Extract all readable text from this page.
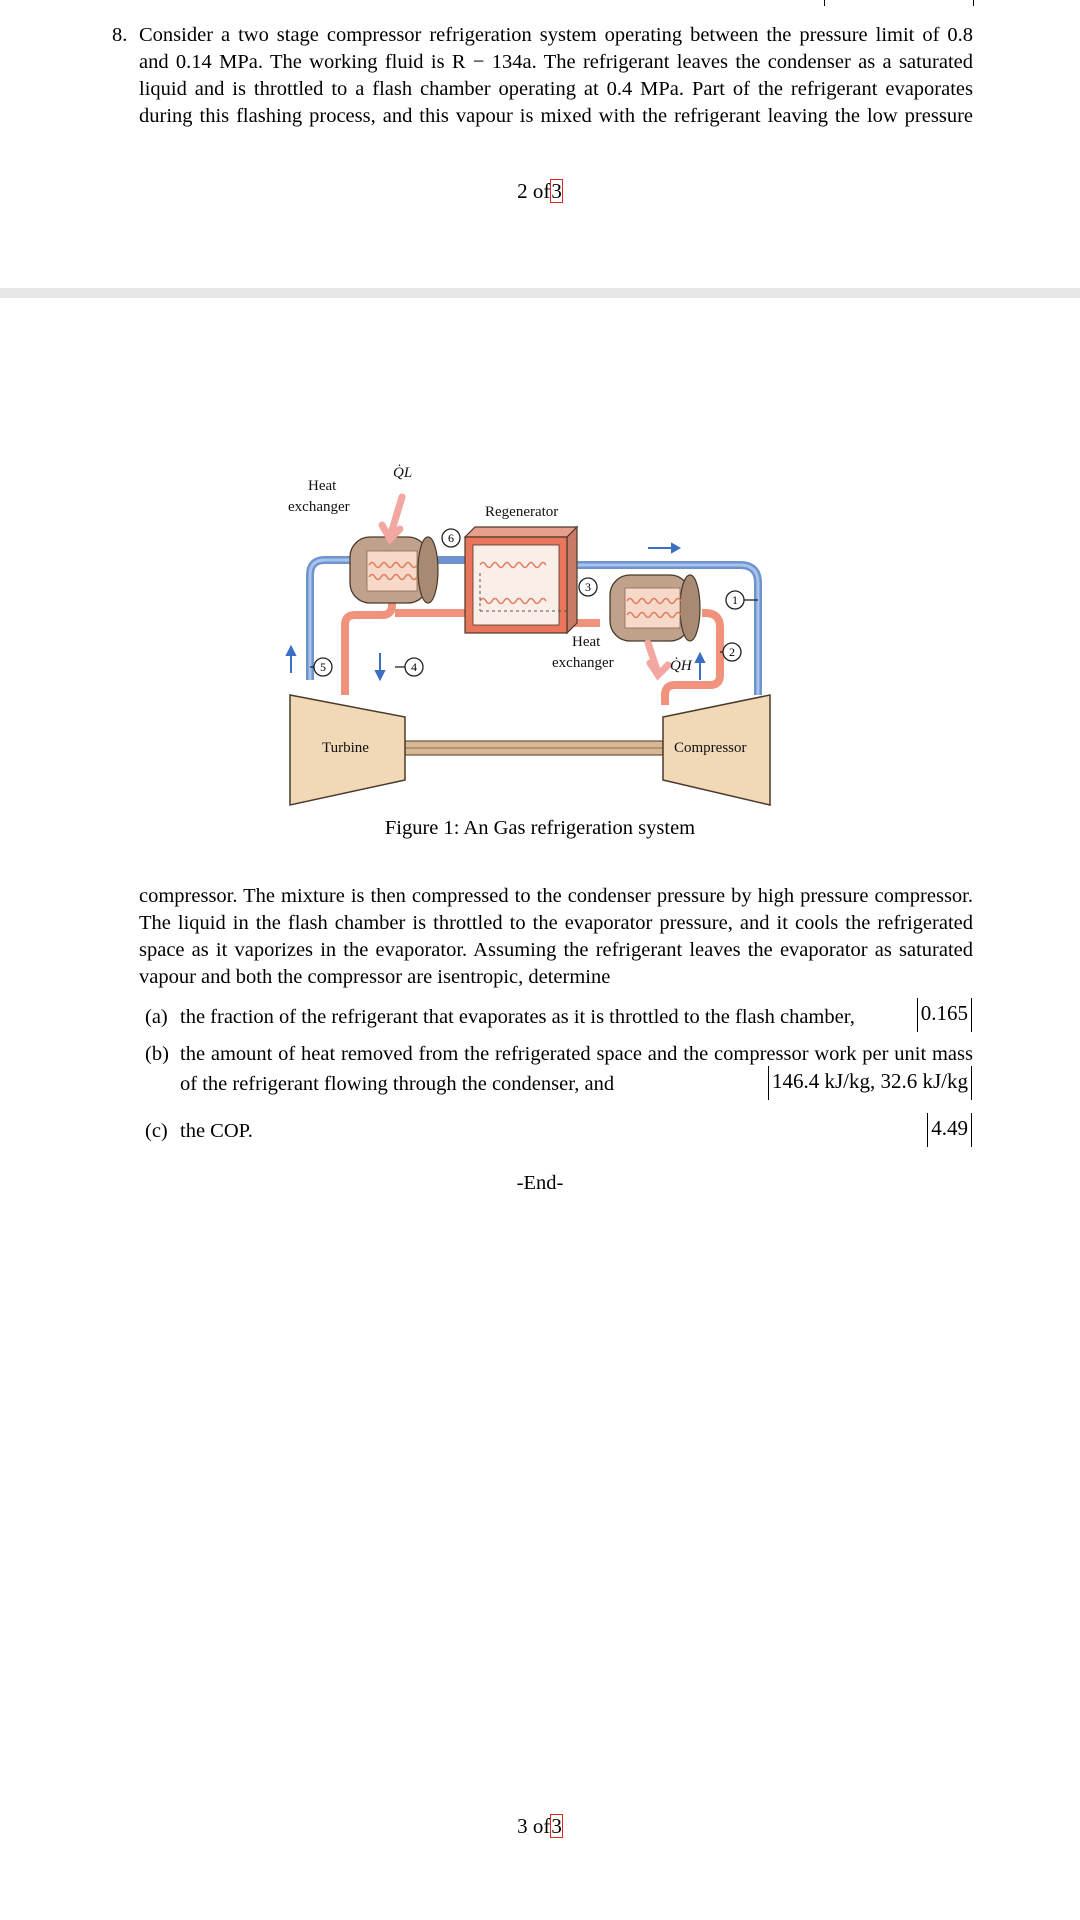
8. Consider a two stage compressor refrigeration system operating between the pressure limit of 0.8
and 0.14 MPa. The working fluid is R − 134a. The refrigerant leaves the condenser as a saturated
liquid and is throttled to a flash chamber operating at 0.4 MPa. Part of the refrigerant evaporates
during this flashing process, and this vapour is mixed with the refrigerant leaving the low pressure
2 of3
6
3
1
2
5	4
Heat
exchanger
Q̇L
Regenerator
Heat
exchanger	Q̇H
Turbine	Compressor
Figure 1: An Gas refrigeration system
compressor. The mixture is then compressed to the condenser pressure by high pressure compressor.
The liquid in the flash chamber is throttled to the evaporator pressure, and it cools the refrigerated
space as it vaporizes in the evaporator. Assuming the refrigerant leaves the evaporator as saturated
vapour and both the compressor are isentropic, determine
(a) the fraction of the refrigerant that evaporates as it is throttled to the flash chamber,	0.165
(b) the amount of heat removed from the refrigerated space and the compressor work per unit mass
of the refrigerant flowing through the condenser, and	146.4 kJ/kg, 32.6 kJ/kg
(c) the COP.	4.49
-End-
3 of3
